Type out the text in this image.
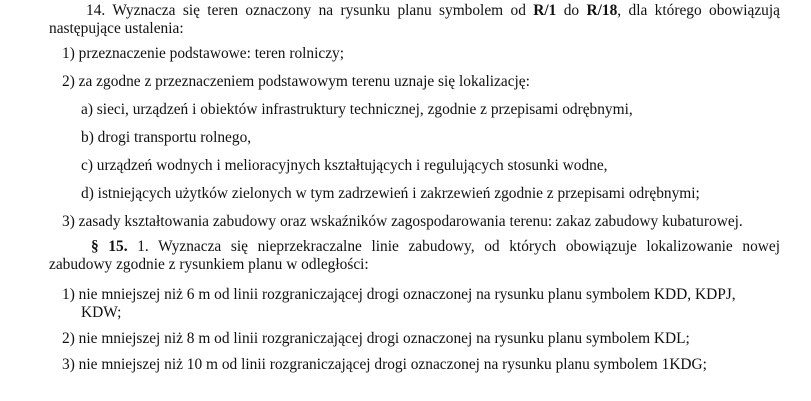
14. Wyznacza się teren oznaczony na rysunku planu symbolem od R/1 do R/18, dla którego obowiązują
następujące ustalenia:
1) przeznaczenie podstawowe: teren rolniczy;
2) za zgodne z przeznaczeniem podstawowym terenu uznaje się lokalizację:
a) sieci, urządzeń i obiektów infrastruktury technicznej, zgodnie z przepisami odrębnymi,
b) drogi transportu rolnego,
c) urządzeń wodnych i melioracyjnych kształtujących i regulujących stosunki wodne,
d) istniejących użytków zielonych w tym zadrzewień i zakrzewień zgodnie z przepisami odrębnymi;
3) zasady kształtowania zabudowy oraz wskaźników zagospodarowania terenu: zakaz zabudowy kubaturowej.
§ 15. 1. Wyznacza się nieprzekraczalne linie zabudowy, od których obowiązuje lokalizowanie nowej
zabudowy zgodnie z rysunkiem planu w odległości:
1) nie mniejszej niż 6 m od linii rozgraniczającej drogi oznaczonej na rysunku planu symbolem KDD, KDPJ,
KDW;
2) nie mniejszej niż 8 m od linii rozgraniczającej drogi oznaczonej na rysunku planu symbolem KDL;
3) nie mniejszej niż 10 m od linii rozgraniczającej drogi oznaczonej na rysunku planu symbolem 1KDG;
